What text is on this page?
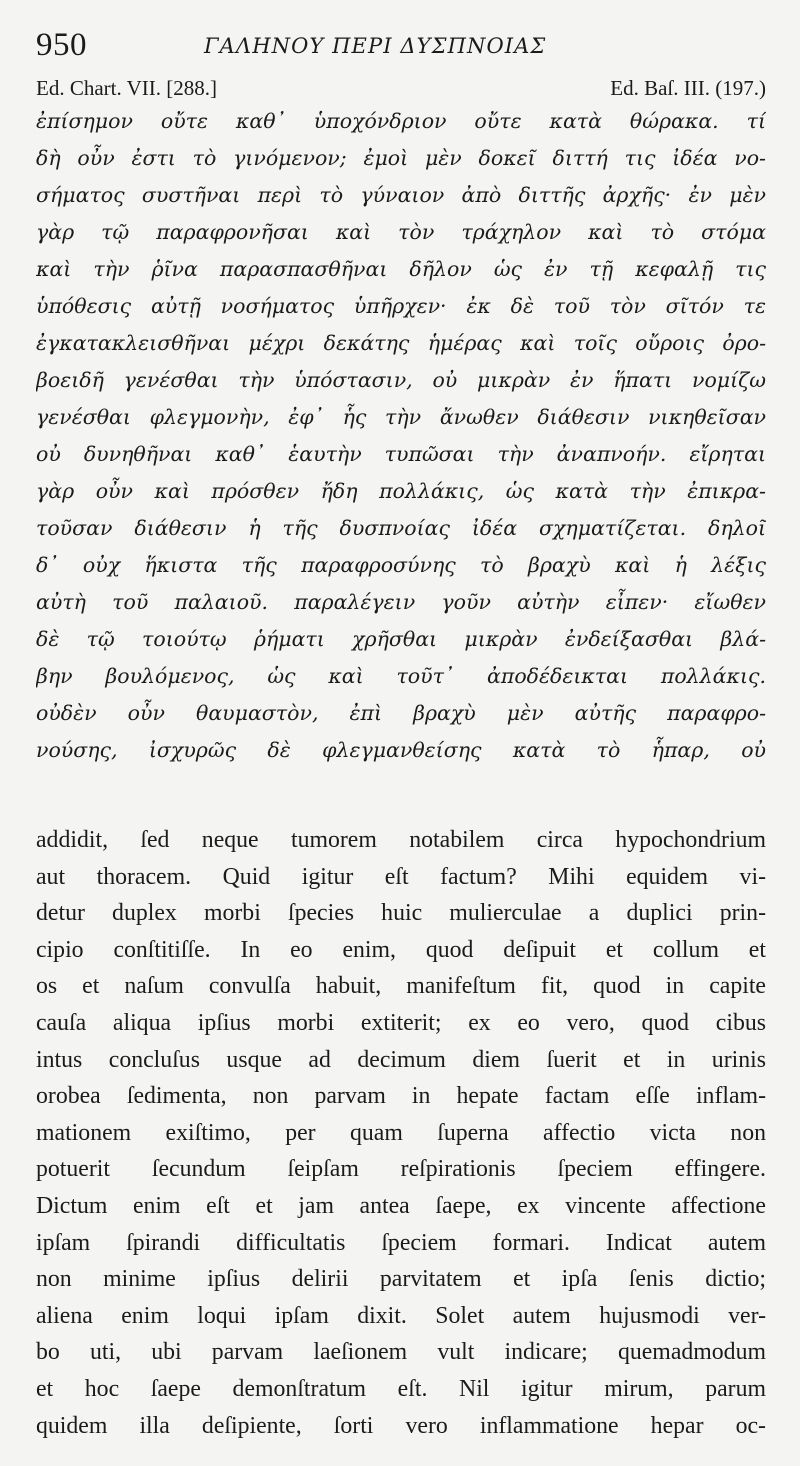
950	ΓΑΛΗΝΟΥ ΠΕΡΙ ΔΥΣΠΝΟΙΑΣ
Ed. Chart. VII. [288.]	Ed. Baſ. III. (197.)
ἐπίσημον οὔτε καθ᾽ ὑποχόνδριον οὔτε κατὰ θώρακα. τί
δὴ οὖν ἐστι τὸ γινόμενον; ἐμοὶ μὲν δοκεῖ διττή τις ἰδέα νο-
σήματος συστῆναι περὶ τὸ γύναιον ἀπὸ διττῆς ἀρχῆς· ἐν μὲν
γὰρ τῷ παραφρονῆσαι καὶ τὸν τράχηλον καὶ τὸ στόμα
καὶ τὴν ῥῖνα παρασπασθῆναι δῆλον ὡς ἐν τῇ κεφαλῇ τις
ὑπόθεσις αὐτῇ νοσήματος ὑπῆρχεν· ἐκ δὲ τοῦ τὸν σῖτόν τε
ἐγκατακλεισθῆναι μέχρι δεκάτης ἡμέρας καὶ τοῖς οὔροις ὀρο-
βοειδῆ γενέσθαι τὴν ὑπόστασιν, οὐ μικρὰν ἐν ἥπατι νομίζω
γενέσθαι φλεγμονὴν, ἐφ᾽ ἧς τὴν ἄνωθεν διάθεσιν νικηθεῖσαν
οὐ δυνηθῆναι καθ᾽ ἑαυτὴν τυπῶσαι τὴν ἀναπνοήν. εἴρηται
γὰρ οὖν καὶ πρόσθεν ἤδη πολλάκις, ὡς κατὰ τὴν ἐπικρα-
τοῦσαν διάθεσιν ἡ τῆς δυσπνοίας ἰδέα σχηματίζεται. δηλοῖ
δ᾽ οὐχ ἥκιστα τῆς παραφροσύνης τὸ βραχὺ καὶ ἡ λέξις
αὐτὴ τοῦ παλαιοῦ. παραλέγειν γοῦν αὐτὴν εἶπεν· εἴωθεν
δὲ τῷ τοιούτῳ ῥήματι χρῆσθαι μικρὰν ἐνδείξασθαι βλά-
βην βουλόμενος, ὡς καὶ τοῦτ᾽ ἀποδέδεικται πολλάκις.
οὐδὲν οὖν θαυμαστὸν, ἐπὶ βραχὺ μὲν αὐτῆς παραφρο-
νούσης, ἰσχυρῶς δὲ φλεγμανθείσης κατὰ τὸ ἧπαρ, οὐ
addidit, ſed neque tumorem notabilem circa hypochondrium
aut thoracem. Quid igitur eſt factum? Mihi equidem vi-
detur duplex morbi ſpecies huic mulierculae a duplici prin-
cipio conſtitiſſe. In eo enim, quod deſipuit et collum et
os et naſum convulſa habuit, manifeſtum fit, quod in capite
cauſa aliqua ipſius morbi extiterit; ex eo vero, quod cibus
intus concluſus usque ad decimum diem ſuerit et in urinis
orobea ſedimenta, non parvam in hepate factam eſſe inflam-
mationem exiſtimo, per quam ſuperna affectio victa non
potuerit ſecundum ſeipſam reſpirationis ſpeciem effingere.
Dictum enim eſt et jam antea ſaepe, ex vincente affectione
ipſam ſpirandi difficultatis ſpeciem formari. Indicat autem
non minime ipſius delirii parvitatem et ipſa ſenis dictio;
aliena enim loqui ipſam dixit. Solet autem hujusmodi ver-
bo uti, ubi parvam laeſionem vult indicare; quemadmodum
et hoc ſaepe demonſtratum eſt. Nil igitur mirum, parum
quidem illa deſipiente, ſorti vero inflammatione hepar oc-
